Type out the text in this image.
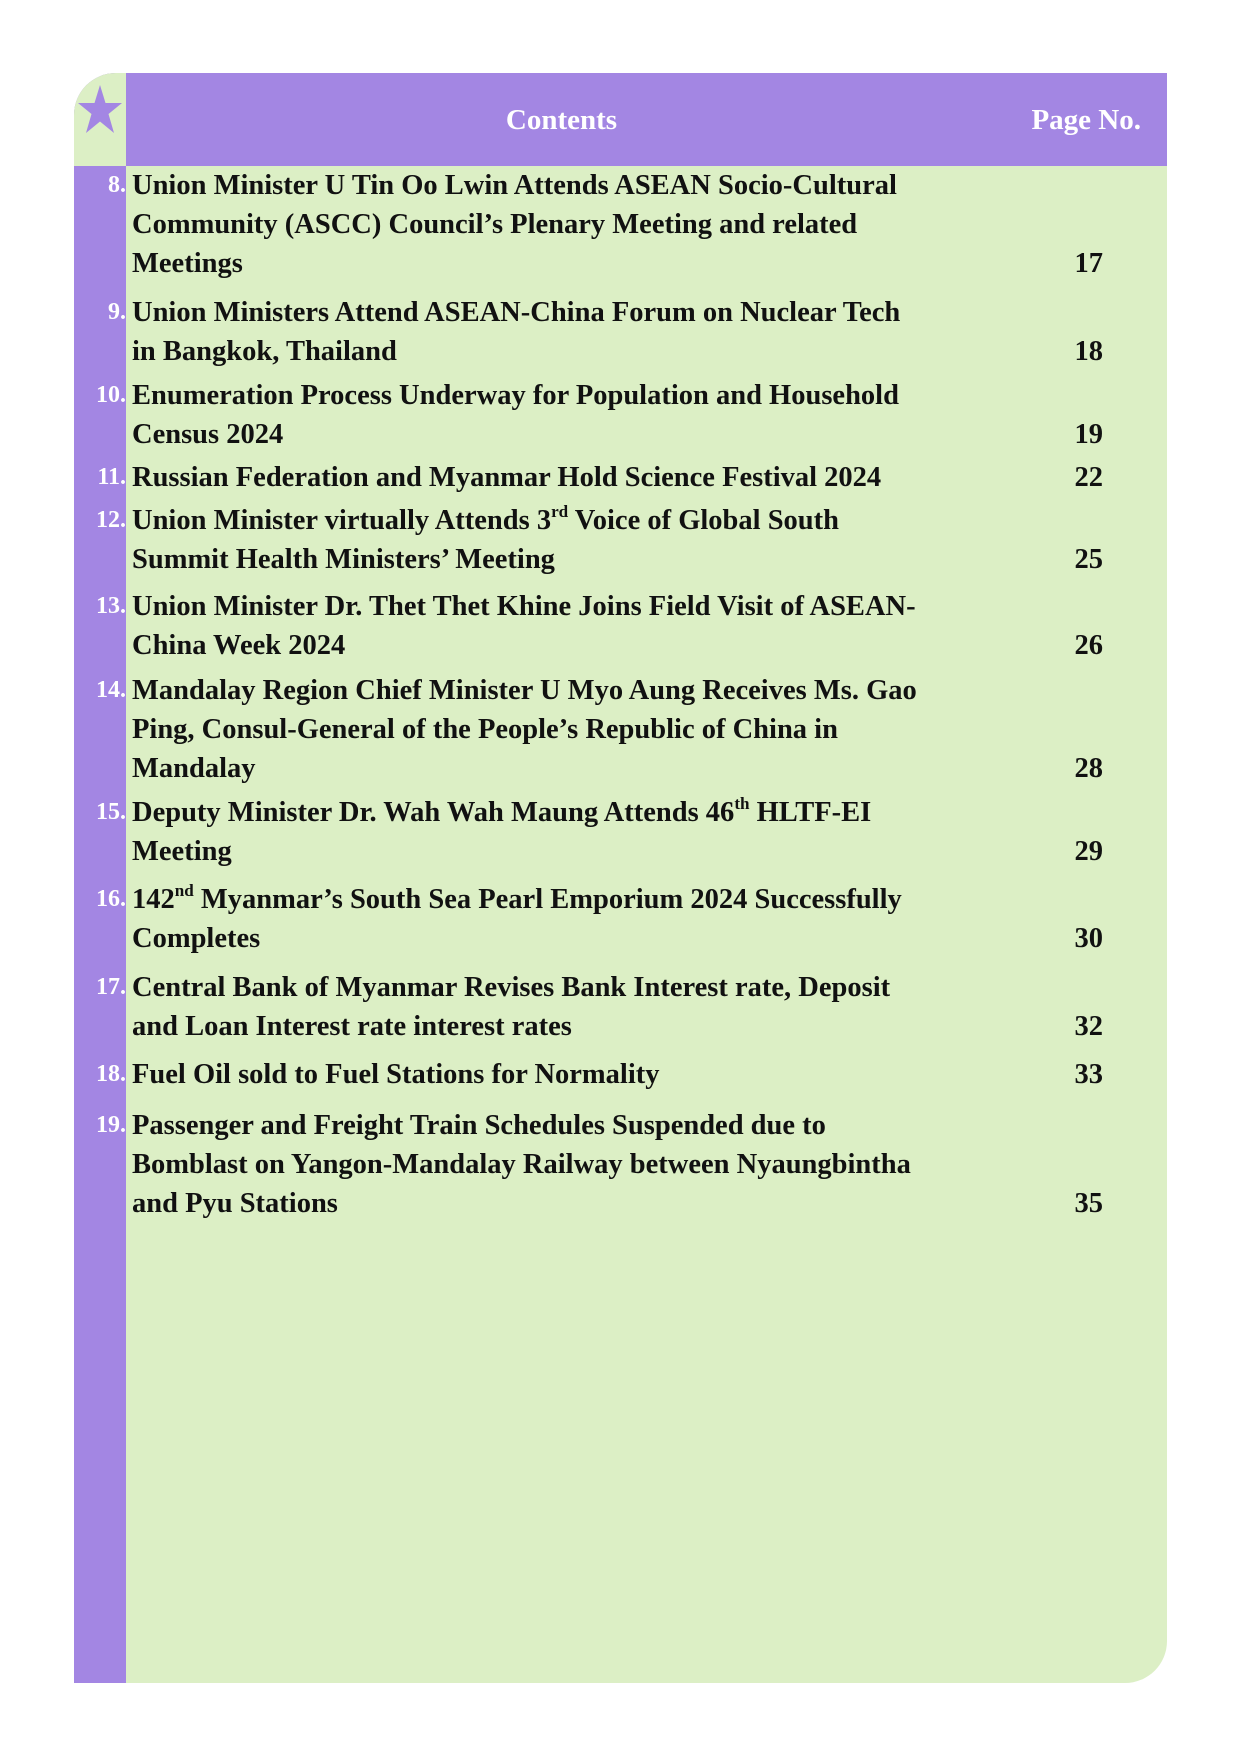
Contents	Page No.
8. Union Minister U Tin Oo Lwin Attends ASEAN Socio-Cultural
Community (ASCC) Council’s Plenary Meeting and related
Meetings	17
9. Union Ministers Attend ASEAN-China Forum on Nuclear Tech
in Bangkok, Thailand	18
10. Enumeration Process Underway for Population and Household
Census 2024	19
11. Russian Federation and Myanmar Hold Science Festival 2024	22
12. Union Minister virtually Attends 3rd Voice of Global South
Summit Health Ministers’ Meeting	25
13. Union Minister Dr. Thet Thet Khine Joins Field Visit of ASEAN-
China Week 2024	26
14. Mandalay Region Chief Minister U Myo Aung Receives Ms. Gao
Ping, Consul-General of the People’s Republic of China in
Mandalay	28
15. Deputy Minister Dr. Wah Wah Maung Attends 46th HLTF-EI
Meeting	29
16. 142nd Myanmar’s South Sea Pearl Emporium 2024 Successfully
Completes	30
17. Central Bank of Myanmar Revises Bank Interest rate, Deposit
and Loan Interest rate interest rates	32
18. Fuel Oil sold to Fuel Stations for Normality	33
19. Passenger and Freight Train Schedules Suspended due to
Bomblast on Yangon-Mandalay Railway between Nyaungbintha
and Pyu Stations	35
